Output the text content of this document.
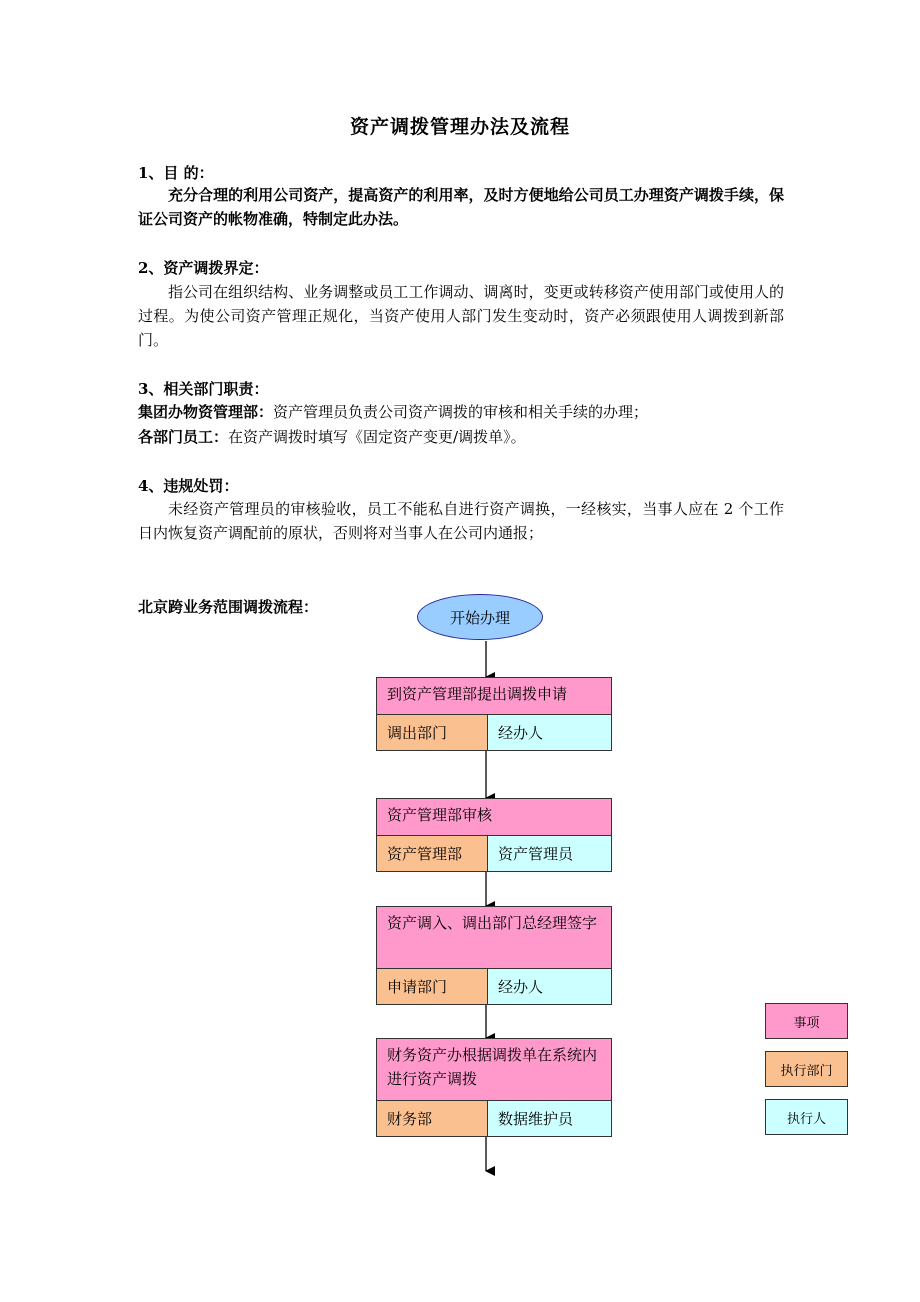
资产调拨管理办法及流程
1、目 的：
充分合理的利用公司资产，提高资产的利用率，及时方便地给公司员工办理资产调拨手续，保证公司资产的帐物准确，特制定此办法。
2、资产调拨界定：
指公司在组织结构、业务调整或员工工作调动、调离时，变更或转移资产使用部门或使用人的过程。为使公司资产管理正规化，当资产使用人部门发生变动时，资产必须跟使用人调拨到新部门。
3、相关部门职责：
集团办物资管理部：资产管理员负责公司资产调拨的审核和相关手续的办理；
各部门员工：在资产调拨时填写《固定资产变更/调拨单》。
4、违规处罚：
未经资产管理员的审核验收，员工不能私自进行资产调换，一经核实，当事人应在 2 个工作日内恢复资产调配前的原状，否则将对当事人在公司内通报；
北京跨业务范围调拨流程：
开始办理
到资产管理部提出调拨申请
调出部门	经办人
资产管理部审核
资产管理部	资产管理员
资产调入、调出部门总经理签字
申请部门	经办人
财务资产办根据调拨单在系统内进行资产调拨
财务部	数据维护员
事项
执行部门
执行人
